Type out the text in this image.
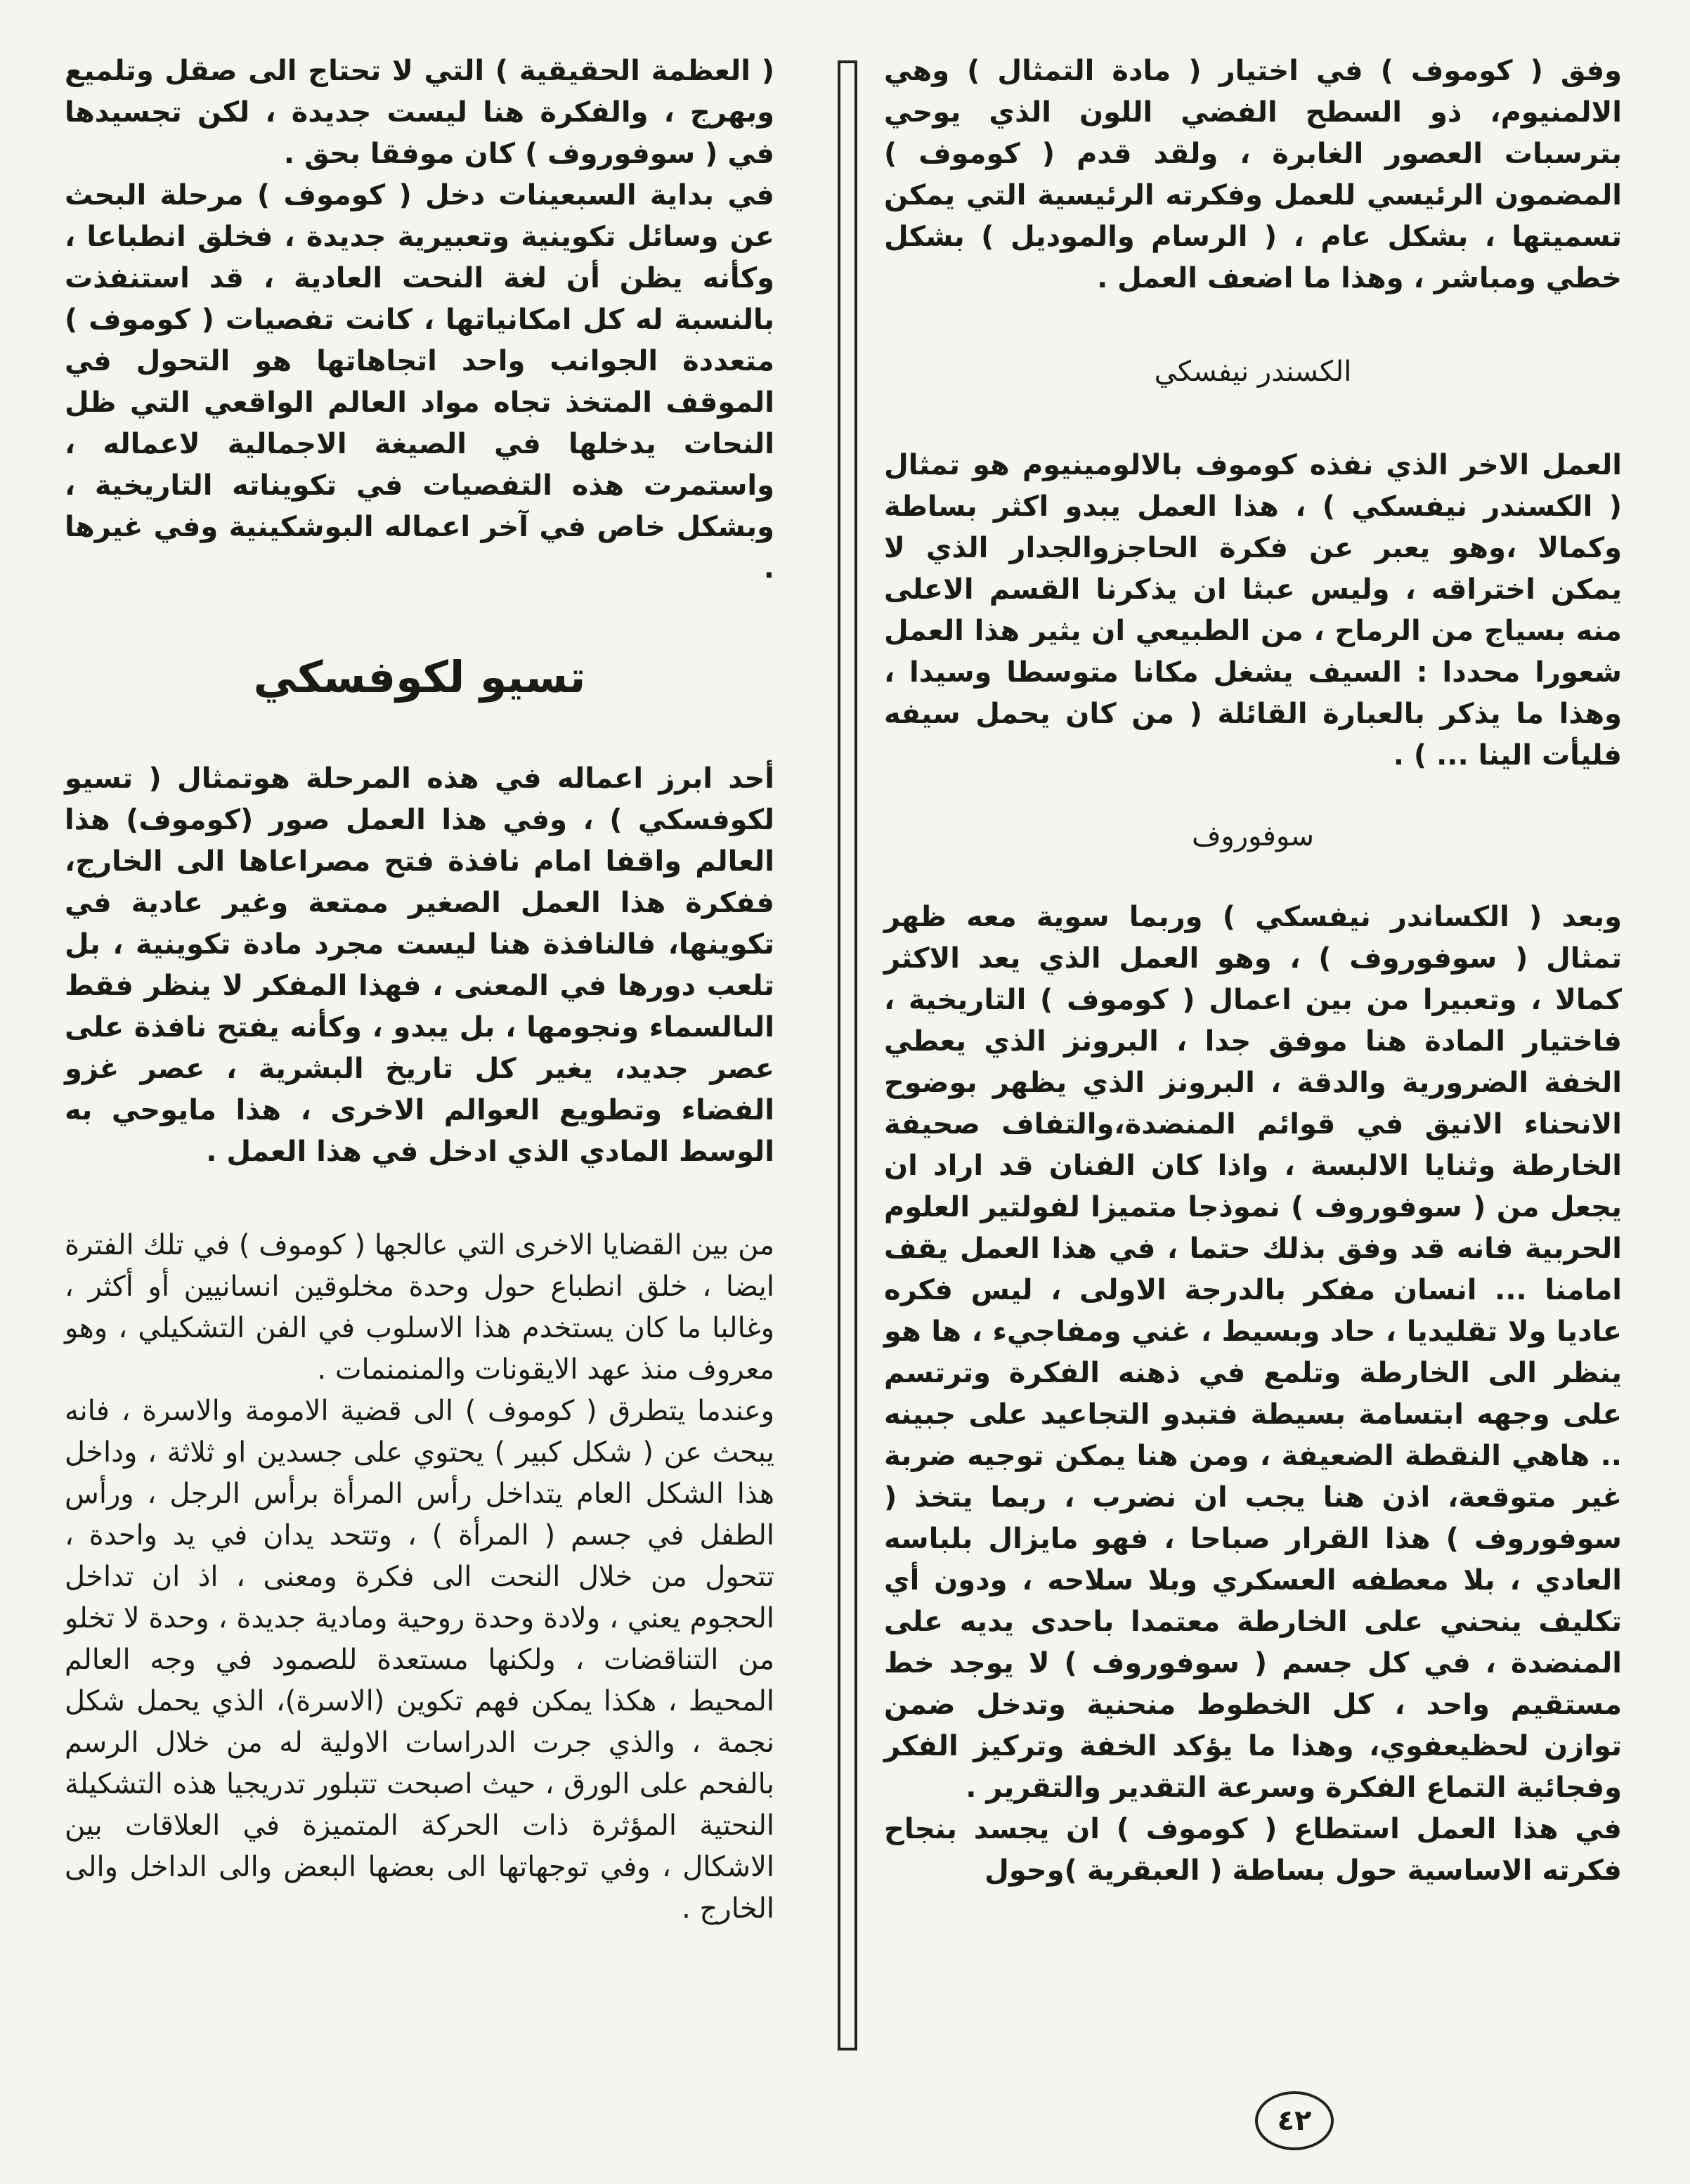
وفق ( كوموف ) في اختيار ( مادة التمثال ) وهي الالمنيوم، ذو السطح الفضي اللون الذي يوحي بترسبات العصور الغابرة ، ولقد قدم ( كوموف ) المضمون الرئيسي للعمل وفكرته الرئيسية التي يمكن تسميتها ، بشكل عام ، ( الرسام والموديل ) بشكل خطي ومباشر ، وهذا ما اضعف العمل .

الكسندر نيفسكي

العمل الاخر الذي نفذه كوموف بالالومينيوم هو تمثال ( الكسندر نيفسكي ) ، هذا العمل يبدو اكثر بساطة وكمالا ،وهو يعبر عن فكرة الحاجزوالجدار الذي لا يمكن اختراقه ، وليس عبثا ان يذكرنا القسم الاعلى منه بسياج من الرماح ، من الطبيعي ان يثير هذا العمل شعورا محددا : السيف يشغل مكانا متوسطا وسيدا ، وهذا ما يذكر بالعبارة القائلة ( من كان يحمل سيفه فليأت الينا ... ) .

سوفوروف

وبعد ( الكساندر نيفسكي ) وربما سوية معه ظهر تمثال ( سوفوروف ) ، وهو العمل الذي يعد الاكثر كمالا ، وتعبيرا من بين اعمال ( كوموف ) التاريخية ، فاختيار المادة هنا موفق جدا ، البرونز الذي يعطي الخفة الضرورية والدقة ، البرونز الذي يظهر بوضوح الانحناء الانيق في قوائم المنضدة،والتفاف صحيفة الخارطة وثنايا الالبسة ، واذا كان الفنان قد اراد ان يجعل من ( سوفوروف ) نموذجا متميزا لفولتير العلوم الحربية فانه قد وفق بذلك حتما ، في هذا العمل يقف امامنا ... انسان مفكر بالدرجة الاولى ، ليس فكره عاديا ولا تقليديا ، حاد وبسيط ، غني ومفاجيء ، ها هو ينظر الى الخارطة وتلمع في ذهنه الفكرة وترتسم على وجهه ابتسامة بسيطة فتبدو التجاعيد على جبينه .. هاهي النقطة الضعيفة ، ومن هنا يمكن توجيه ضربة غير متوقعة، اذن هنا يجب ان نضرب ، ربما يتخذ ( سوفوروف ) هذا القرار صباحا ، فهو مايزال بلباسه العادي ، بلا معطفه العسكري وبلا سلاحه ، ودون أي تكليف ينحني على الخارطة معتمدا باحدى يديه على المنضدة ، في كل جسم ( سوفوروف ) لا يوجد خط مستقيم واحد ، كل الخطوط منحنية وتدخل ضمن توازن لحظيعفوي، وهذا ما يؤكد الخفة وتركيز الفكر وفجائية التماع الفكرة وسرعة التقدير والتقرير .

في هذا العمل استطاع ( كوموف ) ان يجسد بنجاح فكرته الاساسية حول بساطة ( العبقرية )وحول

( العظمة الحقيقية ) التي لا تحتاج الى صقل وتلميع وبهرج ، والفكرة هنا ليست جديدة ، لكن تجسيدها في ( سوفوروف ) كان موفقا بحق .

في بداية السبعينات دخل ( كوموف ) مرحلة البحث عن وسائل تكوينية وتعبيرية جديدة ، فخلق انطباعا ، وكأنه يظن أن لغة النحت العادية ، قد استنفذت بالنسبة له كل امكانياتها ، كانت تفصيات ( كوموف ) متعددة الجوانب واحد اتجاهاتها هو التحول في الموقف المتخذ تجاه مواد العالم الواقعي التي ظل النحات يدخلها في الصيغة الاجمالية لاعماله ، واستمرت هذه التفصيات في تكويناته التاريخية ، وبشكل خاص في آخر اعماله البوشكينية وفي غيرها .

تسيو لكوفسكي

أحد ابرز اعماله في هذه المرحلة هوتمثال ( تسيو لكوفسكي ) ، وفي هذا العمل صور (كوموف) هذا العالم واقفا امام نافذة فتح مصراعاها الى الخارج، ففكرة هذا العمل الصغير ممتعة وغير عادية في تكوينها، فالنافذة هنا ليست مجرد مادة تكوينية ، بل تلعب دورها في المعنى ، فهذا المفكر لا ينظر فقط الىالسماء ونجومها ، بل يبدو ، وكأنه يفتح نافذة على عصر جديد، يغير كل تاريخ البشرية ، عصر غزو الفضاء وتطويع العوالم الاخرى ، هذا مايوحي به الوسط المادي الذي ادخل في هذا العمل .

من بين القضايا الاخرى التي عالجها ( كوموف ) في تلك الفترة ايضا ، خلق انطباع حول وحدة مخلوقين انسانيين أو أكثر ، وغالبا ما كان يستخدم هذا الاسلوب في الفن التشكيلي ، وهو معروف منذ عهد الايقونات والمنمنمات .

وعندما يتطرق ( كوموف ) الى قضية الامومة والاسرة ، فانه يبحث عن ( شكل كبير ) يحتوي على جسدين او ثلاثة ، وداخل هذا الشكل العام يتداخل رأس المرأة برأس الرجل ، ورأس الطفل في جسم ( المرأة ) ، وتتحد يدان في يد واحدة ، تتحول من خلال النحت الى فكرة ومعنى ، اذ ان تداخل الحجوم يعني ، ولادة وحدة روحية ومادية جديدة ، وحدة لا تخلو من التناقضات ، ولكنها مستعدة للصمود في وجه العالم المحيط ، هكذا يمكن فهم تكوين (الاسرة)، الذي يحمل شكل نجمة ، والذي جرت الدراسات الاولية له من خلال الرسم بالفحم على الورق ، حيث اصبحت تتبلور تدريجيا هذه التشكيلة النحتية المؤثرة ذات الحركة المتميزة في العلاقات بين الاشكال ، وفي توجهاتها الى بعضها البعض والى الداخل والى الخارج .

٤٢
